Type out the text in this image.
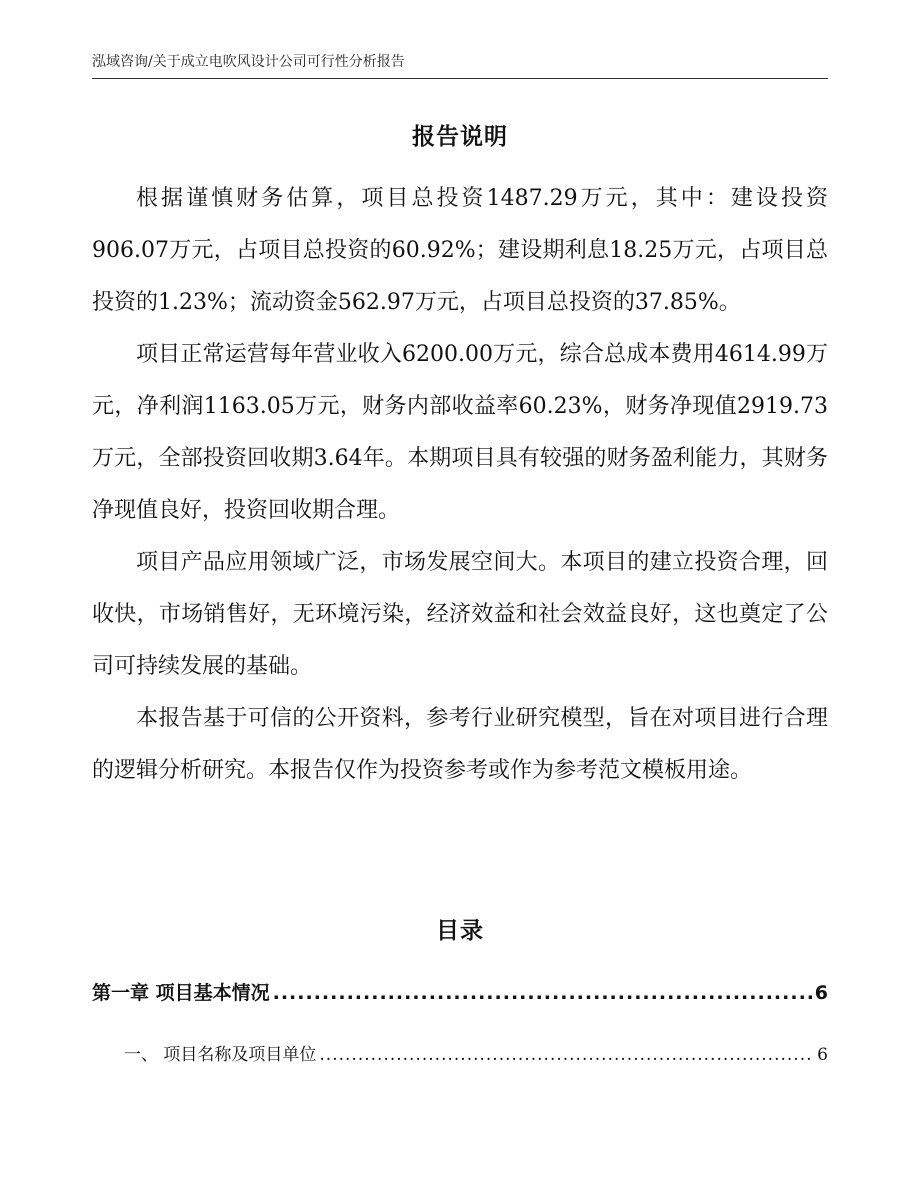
泓域咨询/关于成立电吹风设计公司可行性分析报告
报告说明

根据谨慎财务估算，项目总投资1487.29万元，其中：建设投资906.07万元，占项目总投资的60.92%；建设期利息18.25万元，占项目总投资的1.23%；流动资金562.97万元，占项目总投资的37.85%。

项目正常运营每年营业收入6200.00万元，综合总成本费用4614.99万元，净利润1163.05万元，财务内部收益率60.23%，财务净现值2919.73万元，全部投资回收期3.64年。本期项目具有较强的财务盈利能力，其财务净现值良好，投资回收期合理。

项目产品应用领域广泛，市场发展空间大。本项目的建立投资合理，回收快，市场销售好，无环境污染，经济效益和社会效益良好，这也奠定了公司可持续发展的基础。

本报告基于可信的公开资料，参考行业研究模型，旨在对项目进行合理的逻辑分析研究。本报告仅作为投资参考或作为参考范文模板用途。

目录
第一章 项目基本情况 .....	6
一、 项目名称及项目单位 .....	6
